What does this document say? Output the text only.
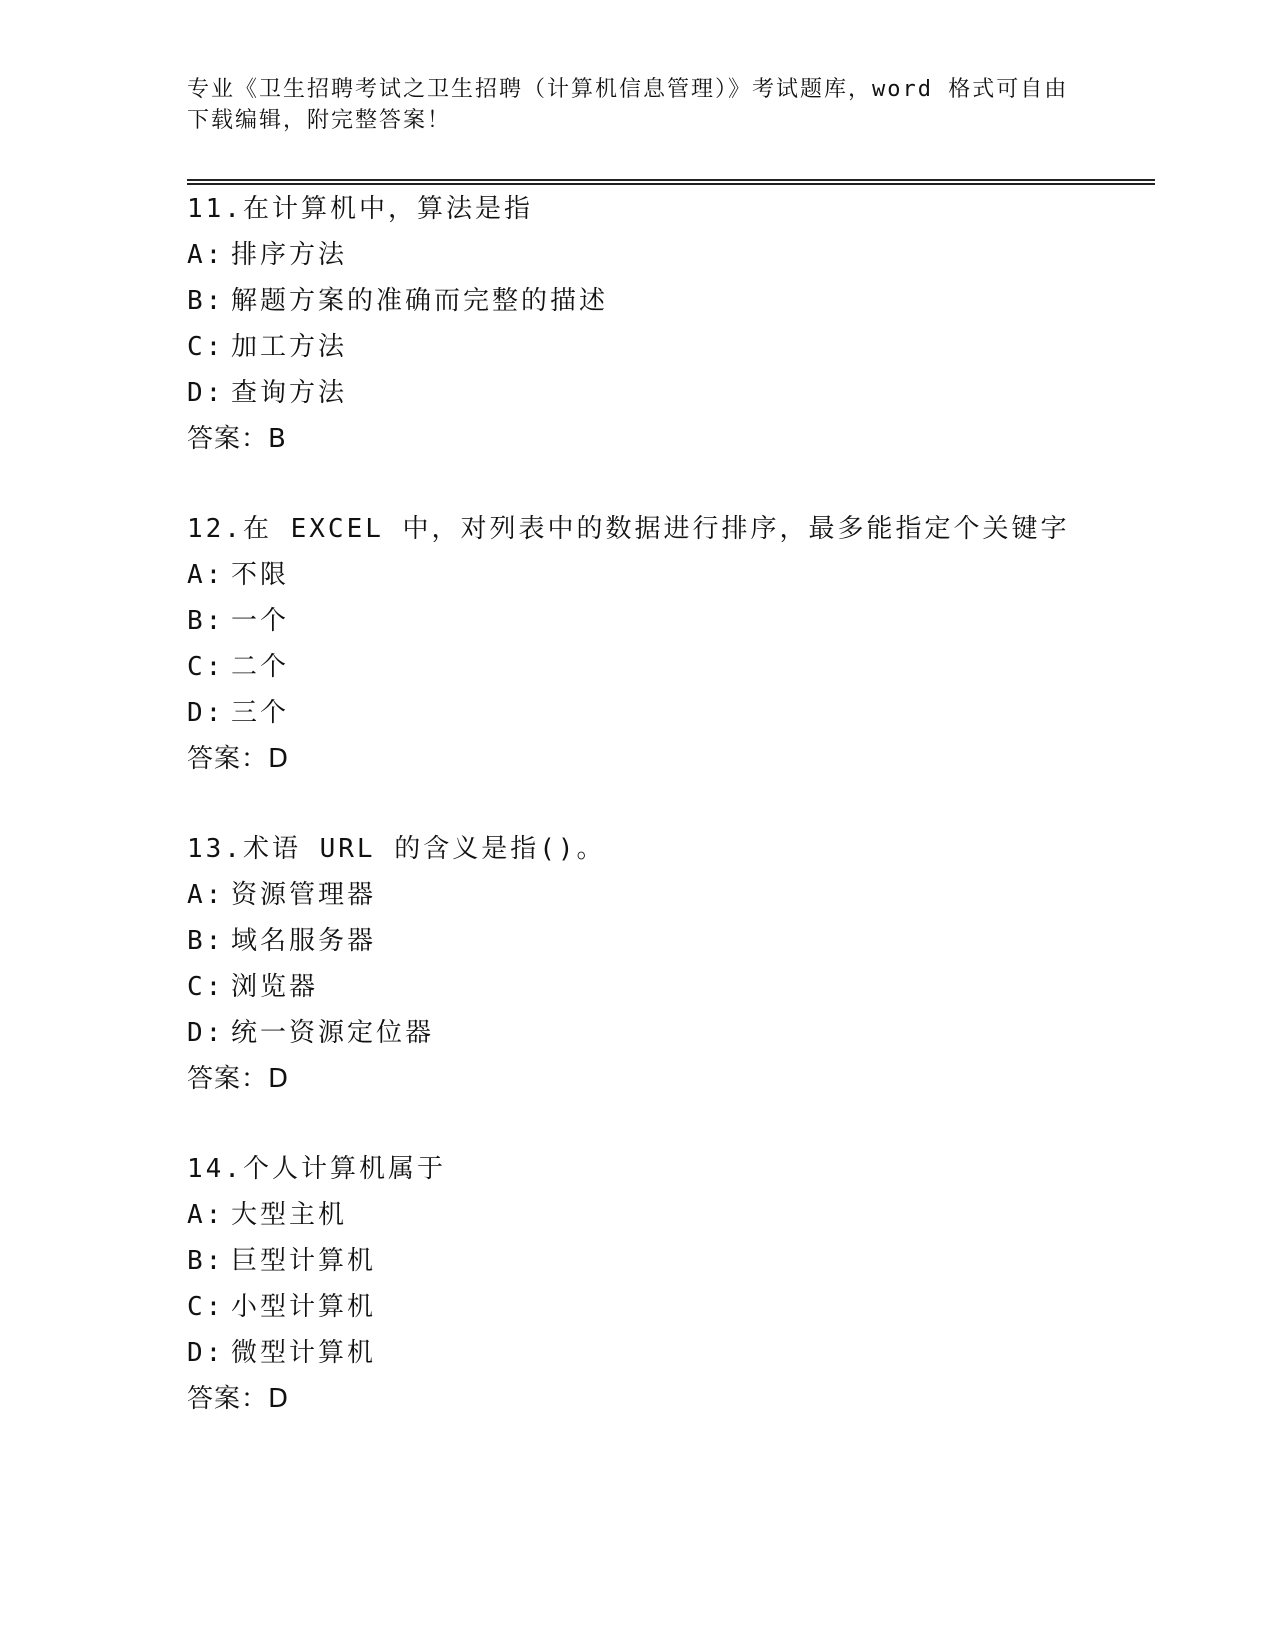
专业《卫生招聘考试之卫生招聘（计算机信息管理）》考试题库，word 格式可自由下载编辑，附完整答案！
11.在计算机中，算法是指
A: 排序方法
B: 解题方案的准确而完整的描述
C: 加工方法
D: 查询方法
答案：B
12.在 EXCEL 中，对列表中的数据进行排序，最多能指定个关键字
A: 不限
B: 一个
C: 二个
D: 三个
答案：D
13.术语 URL 的含义是指()。
A: 资源管理器
B: 域名服务器
C: 浏览器
D: 统一资源定位器
答案：D
14.个人计算机属于
A: 大型主机
B: 巨型计算机
C: 小型计算机
D: 微型计算机
答案：D
